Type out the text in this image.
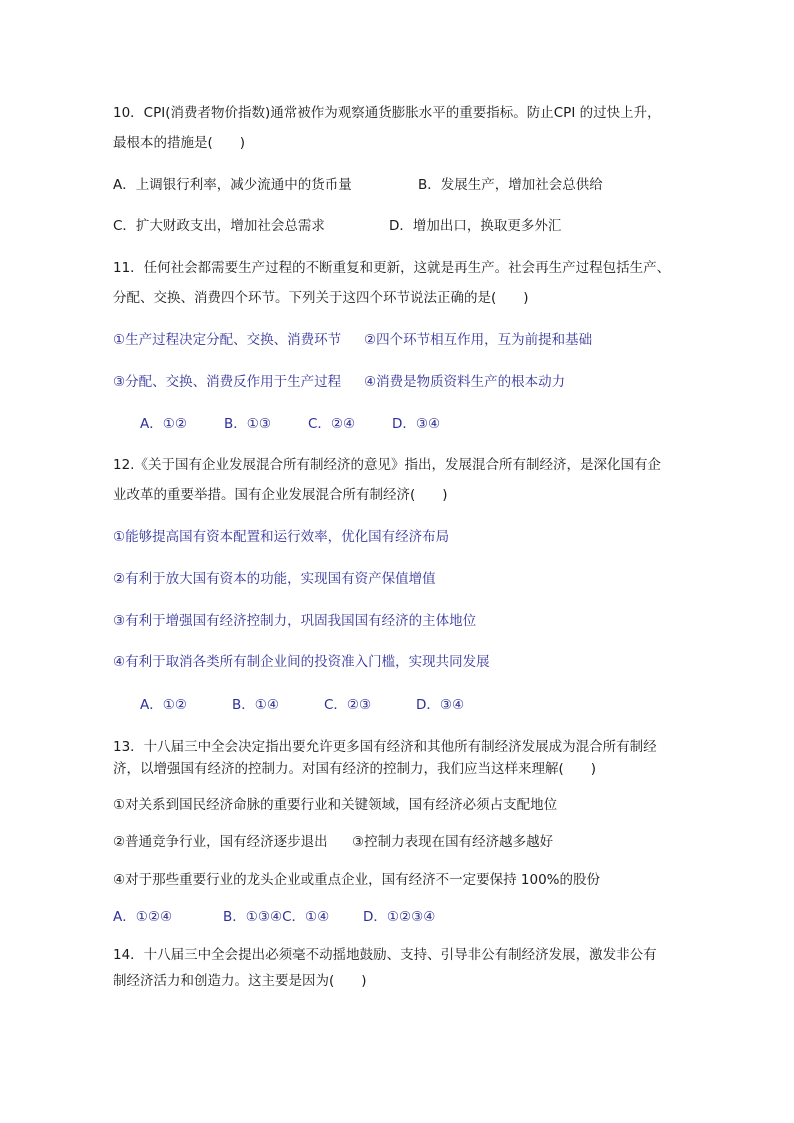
10．CPI(消费者物价指数)通常被作为观察通货膨胀水平的重要指标。防止CPI 的过快上升，
最根本的措施是(　　)
A．上调银行利率，减少流通中的货币量	B．发展生产，增加社会总供给
C．扩大财政支出，增加社会总需求	D．增加出口，换取更多外汇
11．任何社会都需要生产过程的不断重复和更新，这就是再生产。社会再生产过程包括生产、
分配、交换、消费四个环节。下列关于这四个环节说法正确的是(　　)
①生产过程决定分配、交换、消费环节 ②四个环节相互作用，互为前提和基础
③分配、交换、消费反作用于生产过程 ④消费是物质资料生产的根本动力
A．①②	B．①③	C．②④	D．③④
12.《关于国有企业发展混合所有制经济的意见》指出，发展混合所有制经济，是深化国有企
业改革的重要举措。国有企业发展混合所有制经济(　　)
①能够提高国有资本配置和运行效率，优化国有经济布局
②有利于放大国有资本的功能，实现国有资产保值增值
③有利于增强国有经济控制力，巩固我国国有经济的主体地位
④有利于取消各类所有制企业间的投资准入门槛，实现共同发展
A．①②	B．①④	C．②③	D．③④
13．十八届三中全会决定指出要允许更多国有经济和其他所有制经济发展成为混合所有制经
济，以增强国有经济的控制力。对国有经济的控制力，我们应当这样来理解(　　)
①对关系到国民经济命脉的重要行业和关键领域，国有经济必须占支配地位
②普通竞争行业，国有经济逐步退出 ③控制力表现在国有经济越多越好
④对于那些重要行业的龙头企业或重点企业，国有经济不一定要保持 100%的股份
A．①②④	B．①③④C．①④	D．①②③④
14．十八届三中全会提出必须毫不动摇地鼓励、支持、引导非公有制经济发展，激发非公有
制经济活力和创造力。这主要是因为(　　)
